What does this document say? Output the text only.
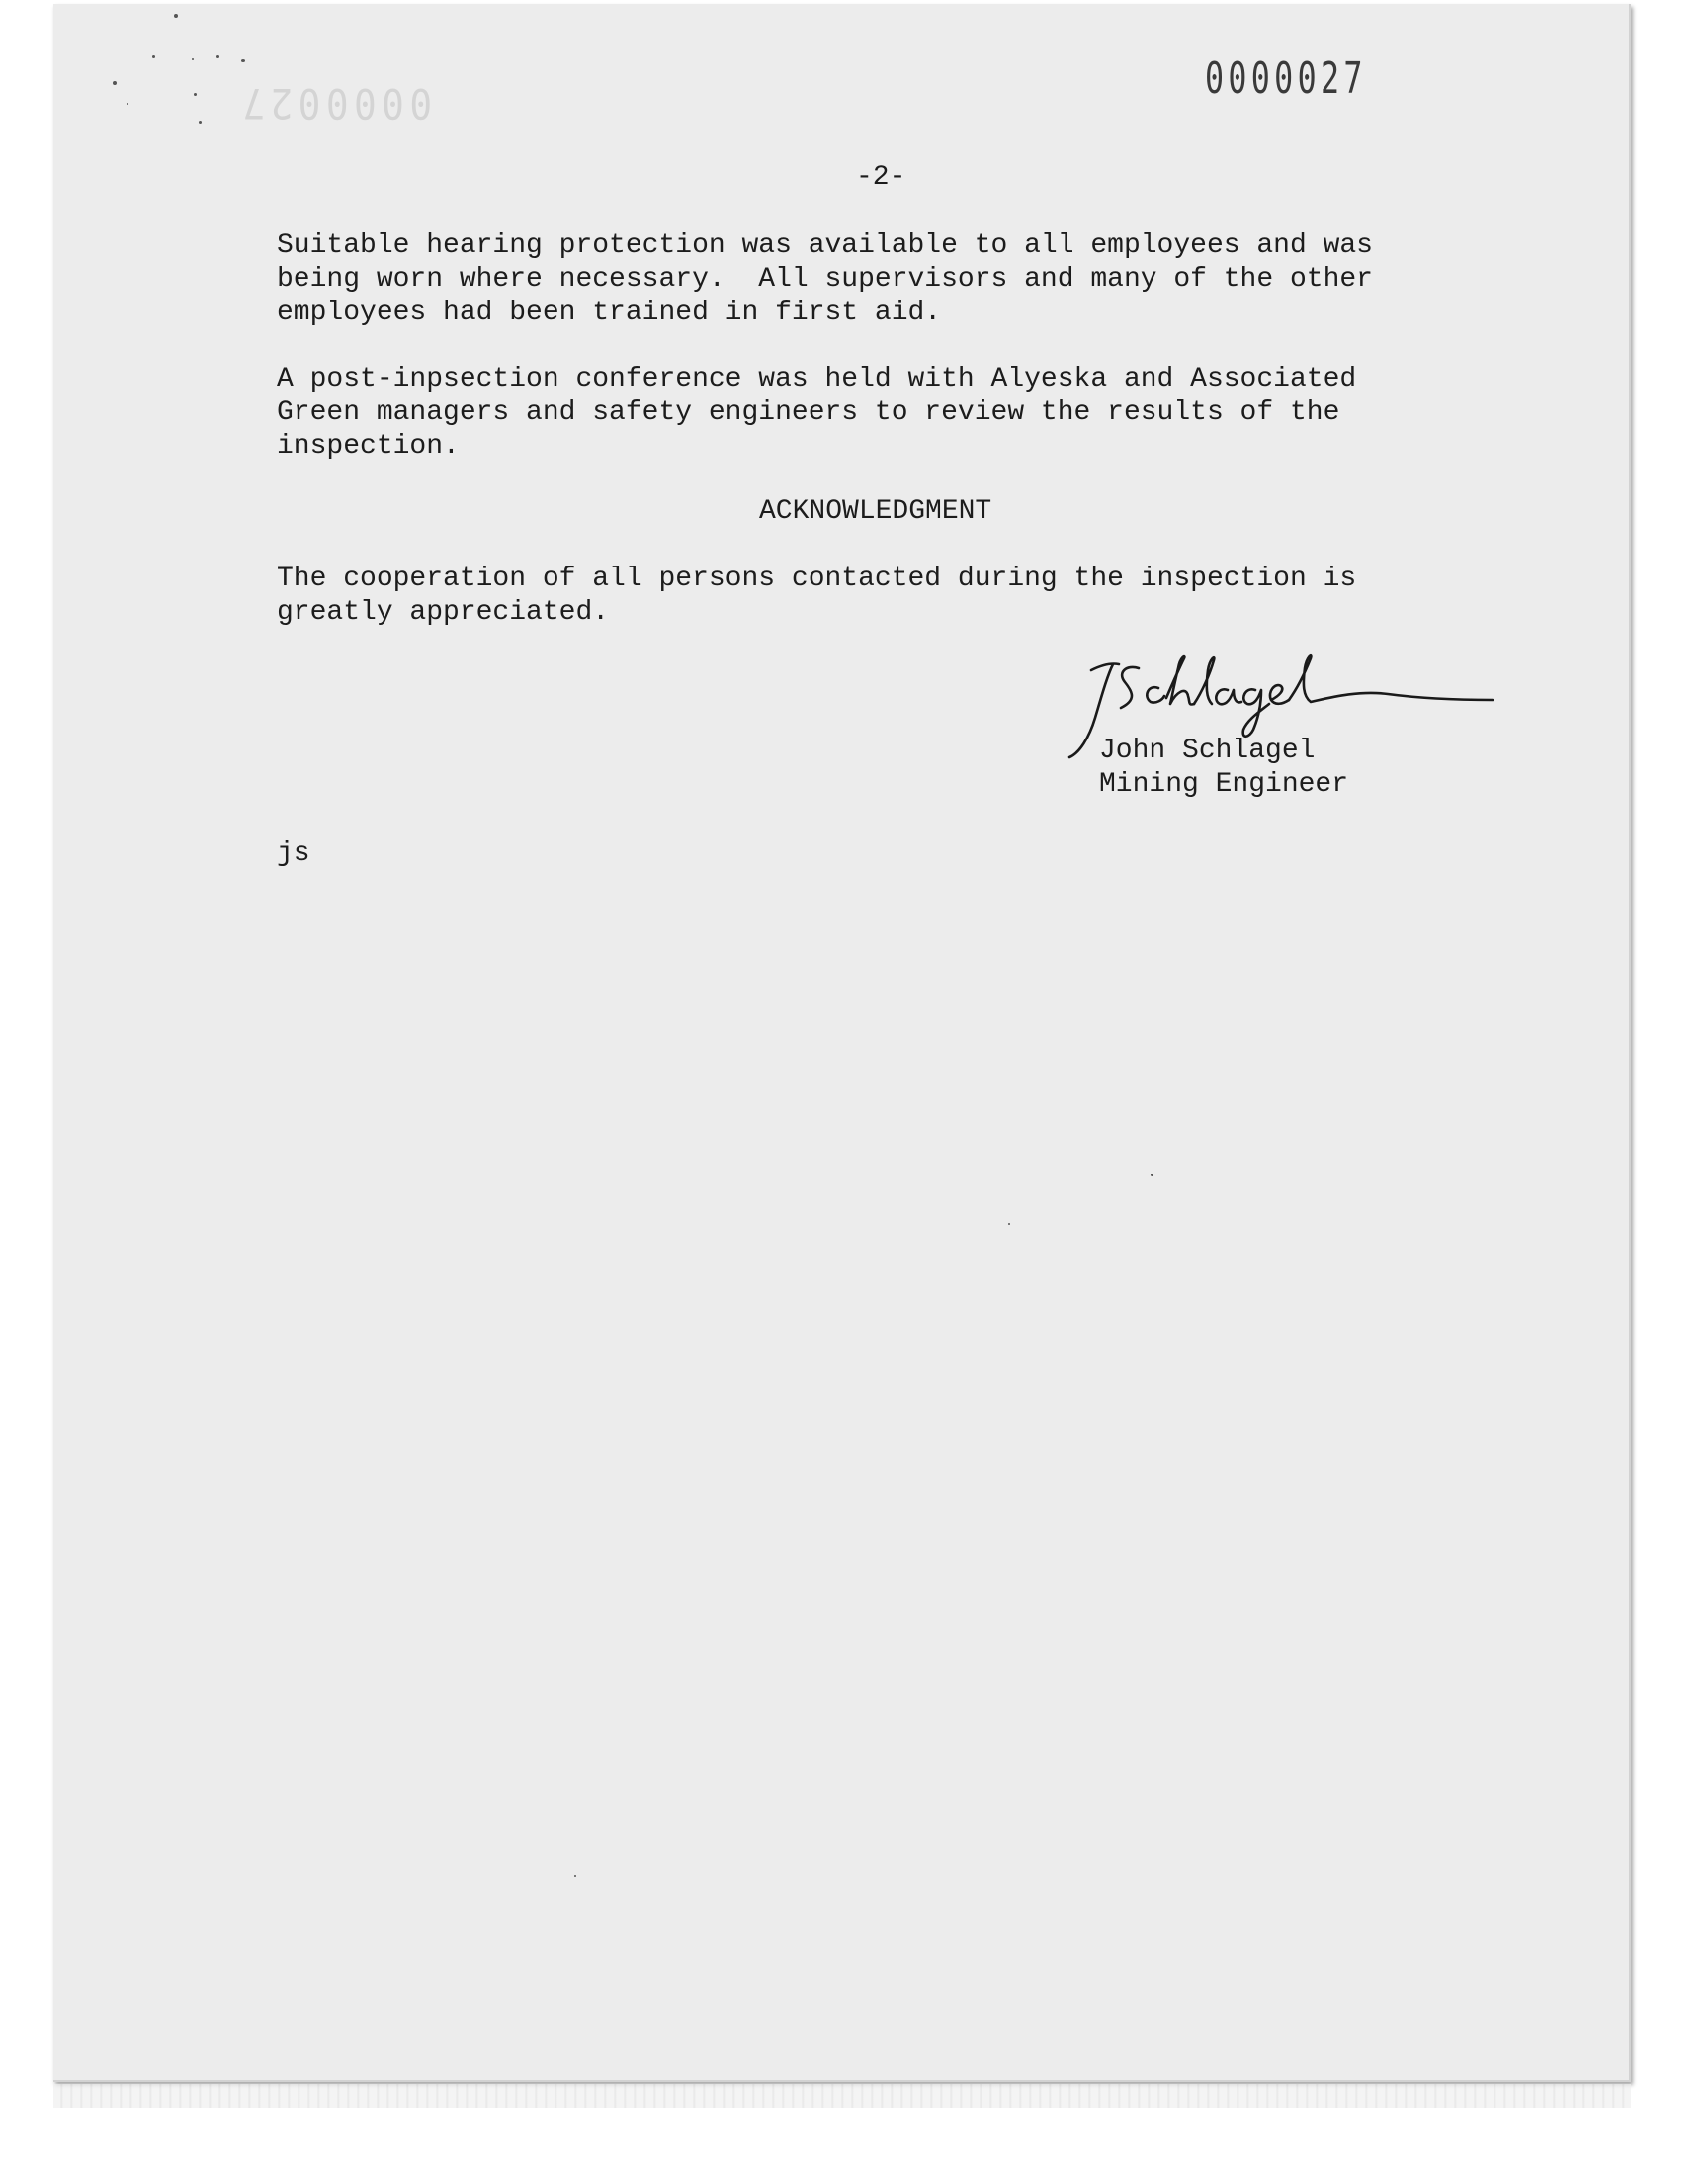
0000027	0000027

-2-

Suitable hearing protection was available to all employees and was

being worn where necessary.  All supervisors and many of the other

employees had been trained in first aid.

A post-inpsection conference was held with Alyeska and Associated

Green managers and safety engineers to review the results of the

inspection.

ACKNOWLEDGMENT

The cooperation of all persons contacted during the inspection is

greatly appreciated.

John Schlagel

Mining Engineer

js
